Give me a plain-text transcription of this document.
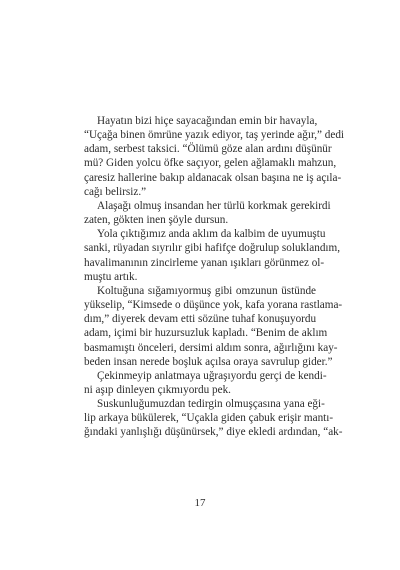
Hayatın bizi hiçe sayacağından emin bir havayla,
“Uçağa binen ömrüne yazık ediyor, taş yerinde ağır,” dedi
adam, serbest taksici. “Ölümü göze alan ardını düşünür
mü? Giden yolcu öfke saçıyor, gelen ağlamaklı mahzun,
çaresiz hallerine bakıp aldanacak olsan başına ne iş açıla-
cağı belirsiz.”

Alaşağı olmuş insandan her türlü korkmak gerekirdi
zaten, gökten inen şöyle dursun.

Yola çıktığımız anda aklım da kalbim de uyumuştu
sanki, rüyadan sıyrılır gibi hafifçe doğrulup soluklandım,
havalimanının zincirleme yanan ışıkları görünmez ol-
muştu artık.

Koltuğuna sığamıyormuş gibi omzunun üstünde
yükselip, “Kimsede o düşünce yok, kafa yorana rastlama-
dım,” diyerek devam etti sözüne tuhaf konuşuyordu
adam, içimi bir huzursuzluk kapladı. “Benim de aklım
basmamıştı önceleri, dersimi aldım sonra, ağırlığını kay-
beden insan nerede boşluk açılsa oraya savrulup gider.”

Çekinmeyip anlatmaya uğraşıyordu gerçi de kendi-
ni aşıp dinleyen çıkmıyordu pek.

Suskunluğumuzdan tedirgin olmuşçasına yana eği-
lip arkaya bükülerek, “Uçakla giden çabuk erişir mantı-
ğındaki yanlışlığı düşünürsek,” diye ekledi ardından, “ak-

17
